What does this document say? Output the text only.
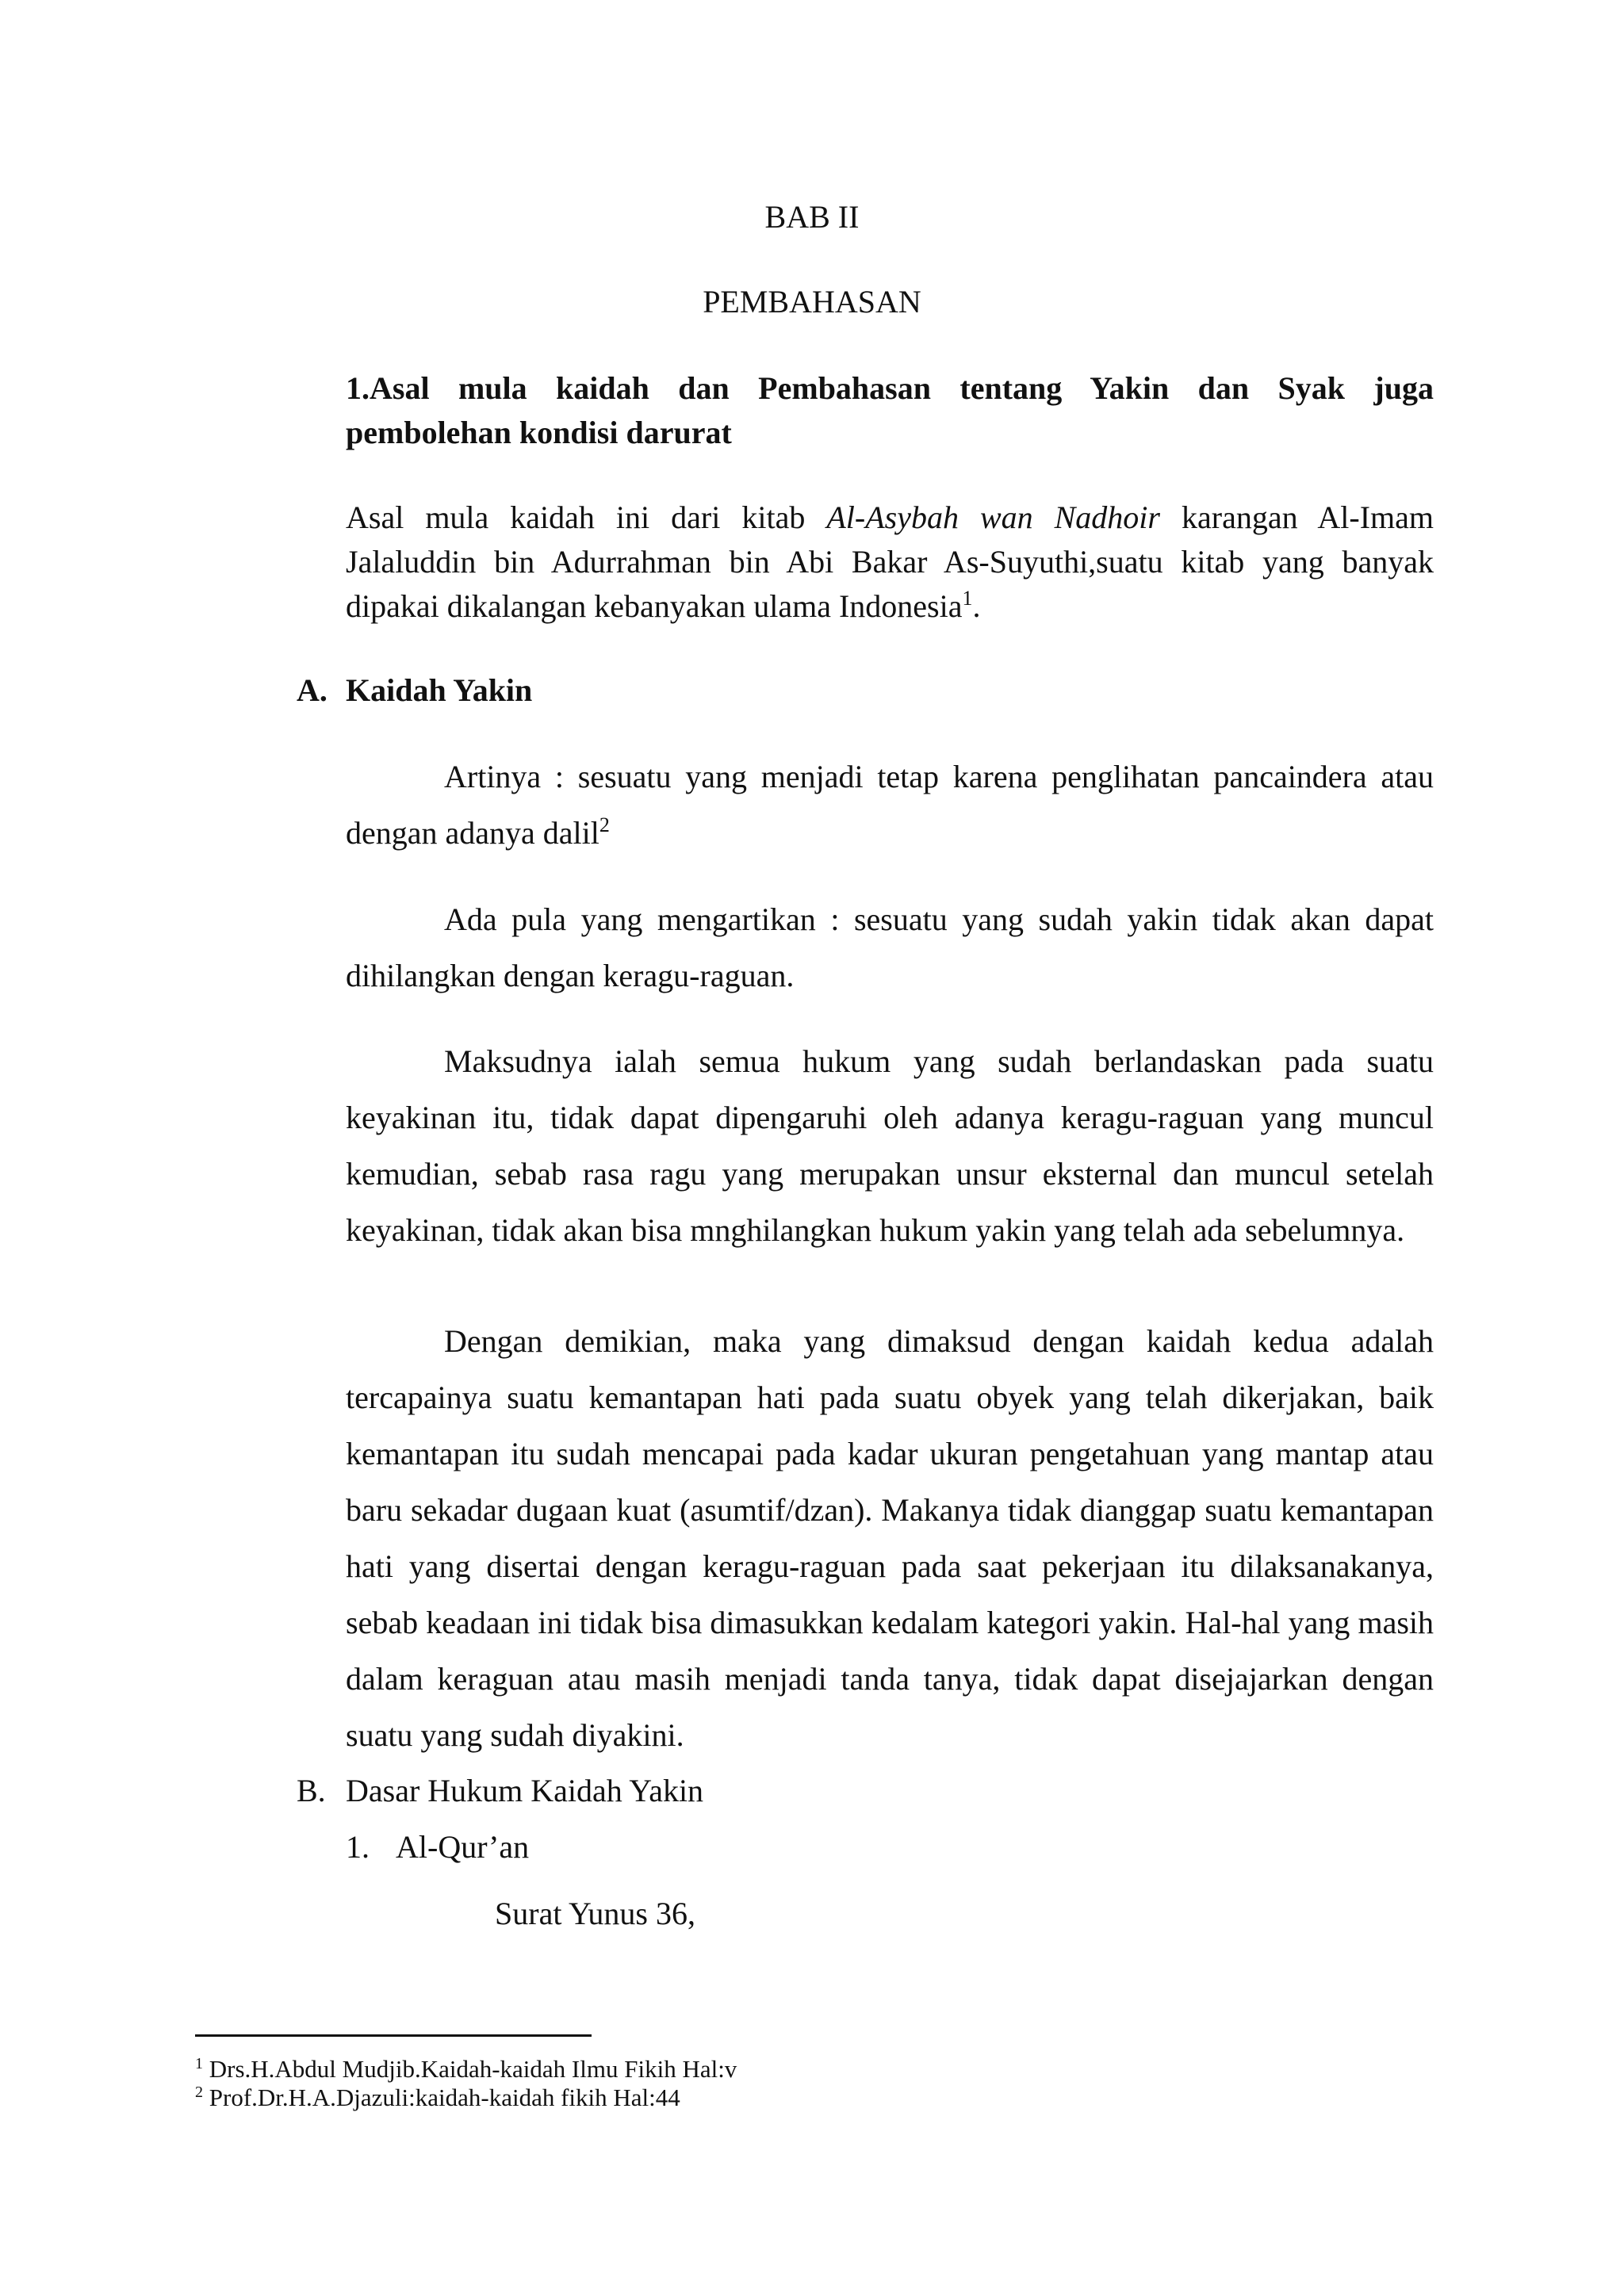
BAB II
PEMBAHASAN
1.Asal mula kaidah dan Pembahasan tentang Yakin dan Syak juga
pembolehan kondisi darurat

Asal mula kaidah ini dari kitab Al-Asybah wan Nadhoir karangan Al-Imam Jalaluddin bin Adurrahman bin Abi Bakar As-Suyuthi,suatu kitab yang banyak dipakai dikalangan kebanyakan ulama Indonesia$^1$.

A. Kaidah Yakin

Artinya : sesuatu yang menjadi tetap karena penglihatan pancaindera atau dengan adanya dalil$^2$

Ada pula yang mengartikan : sesuatu yang sudah yakin tidak akan dapat dihilangkan dengan keragu-raguan.

Maksudnya ialah semua hukum yang sudah berlandaskan pada suatu keyakinan itu, tidak dapat dipengaruhi oleh adanya keragu-raguan yang muncul kemudian, sebab rasa ragu yang merupakan unsur eksternal dan muncul setelah keyakinan, tidak akan bisa mnghilangkan hukum yakin yang telah ada sebelumnya.

Dengan demikian, maka yang dimaksud dengan kaidah kedua adalah tercapainya suatu kemantapan hati pada suatu obyek yang telah dikerjakan, baik kemantapan itu sudah mencapai pada kadar ukuran pengetahuan yang mantap atau baru sekadar dugaan kuat (asumtif/dzan). Makanya tidak dianggap suatu kemantapan hati yang disertai dengan keragu-raguan pada saat pekerjaan itu dilaksanakanya, sebab keadaan ini tidak bisa dimasukkan kedalam kategori yakin. Hal-hal yang masih dalam keraguan atau masih menjadi tanda tanya, tidak dapat disejajarkan dengan suatu yang sudah diyakini.

B. Dasar Hukum Kaidah Yakin
1. Al-Qur’an
Surat Yunus 36,
$^1$ Drs.H.Abdul Mudjib.Kaidah-kaidah Ilmu Fikih Hal:v
$^2$ Prof.Dr.H.A.Djazuli:kaidah-kaidah fikih Hal:44
